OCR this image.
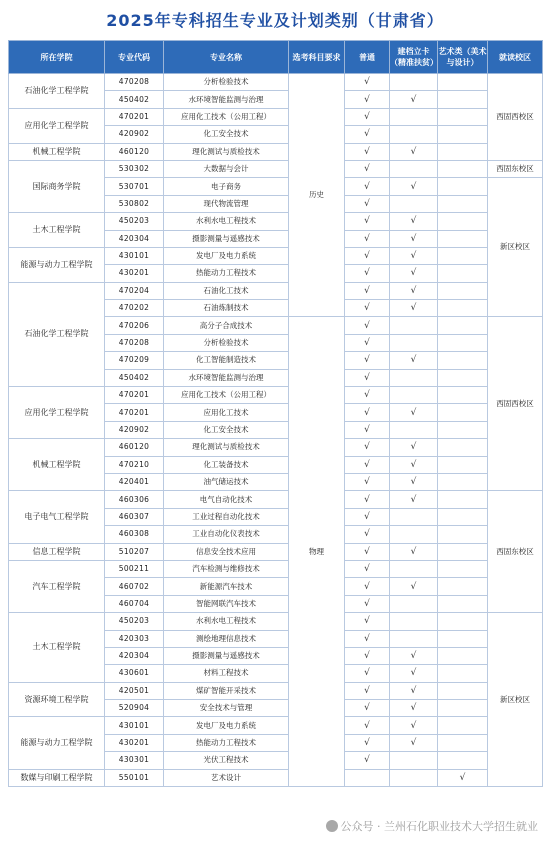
2025年专科招生专业及计划类别（甘肃省）
所在学院	专业代码	专业名称	选考科目要求	普通	建档立卡（精准扶贫）	艺术类（美术与设计）	就读校区
石油化学工程学院	470208	分析检验技术	历史	√			西固西校区
	450402	水环境智能监测与治理		√	√		
应用化学工程学院	470201	应用化工技术（公用工程）		√			
	420902	化工安全技术		√			
机械工程学院	460120	理化测试与质检技术		√	√		
国际商务学院	530302	大数据与会计		√			西固东校区
	530701	电子商务		√	√		新区校区
	530802	现代物流管理		√			
土木工程学院	450203	水利水电工程技术		√	√		
	420304	摄影测量与遥感技术		√	√		
能源与动力工程学院	430101	发电厂及电力系统		√	√		
	430201	热能动力工程技术		√	√		
石油化学工程学院	470204	石油化工技术		√	√		
	470202	石油炼制技术		√	√		
	470206	高分子合成技术	物理	√			西固西校区
	470208	分析检验技术		√			
	470209	化工智能制造技术		√	√		
	450402	水环境智能监测与治理		√			
应用化学工程学院	470201	应用化工技术（公用工程）		√			
	470201	应用化工技术		√	√		
	420902	化工安全技术		√			
机械工程学院	460120	理化测试与质检技术		√	√		
	470210	化工装备技术		√	√		
	420401	油气储运技术		√	√		
电子电气工程学院	460306	电气自动化技术		√	√		西固东校区
	460307	工业过程自动化技术		√			
	460308	工业自动化仪表技术		√			
信息工程学院	510207	信息安全技术应用		√	√		
汽车工程学院	500211	汽车检测与维修技术		√			
	460702	新能源汽车技术		√	√		
	460704	智能网联汽车技术		√			
土木工程学院	450203	水利水电工程技术		√			新区校区
	420303	测绘地理信息技术		√			
	420304	摄影测量与遥感技术		√	√		
	430601	材料工程技术		√	√		
资源环境工程学院	420501	煤矿智能开采技术		√	√		
	520904	安全技术与管理		√	√		
能源与动力工程学院	430101	发电厂及电力系统		√	√		
	430201	热能动力工程技术		√	√		
	430301	光伏工程技术		√			
数媒与印刷工程学院	550101	艺术设计				√	
公众号 · 兰州石化职业技术大学招生就业
